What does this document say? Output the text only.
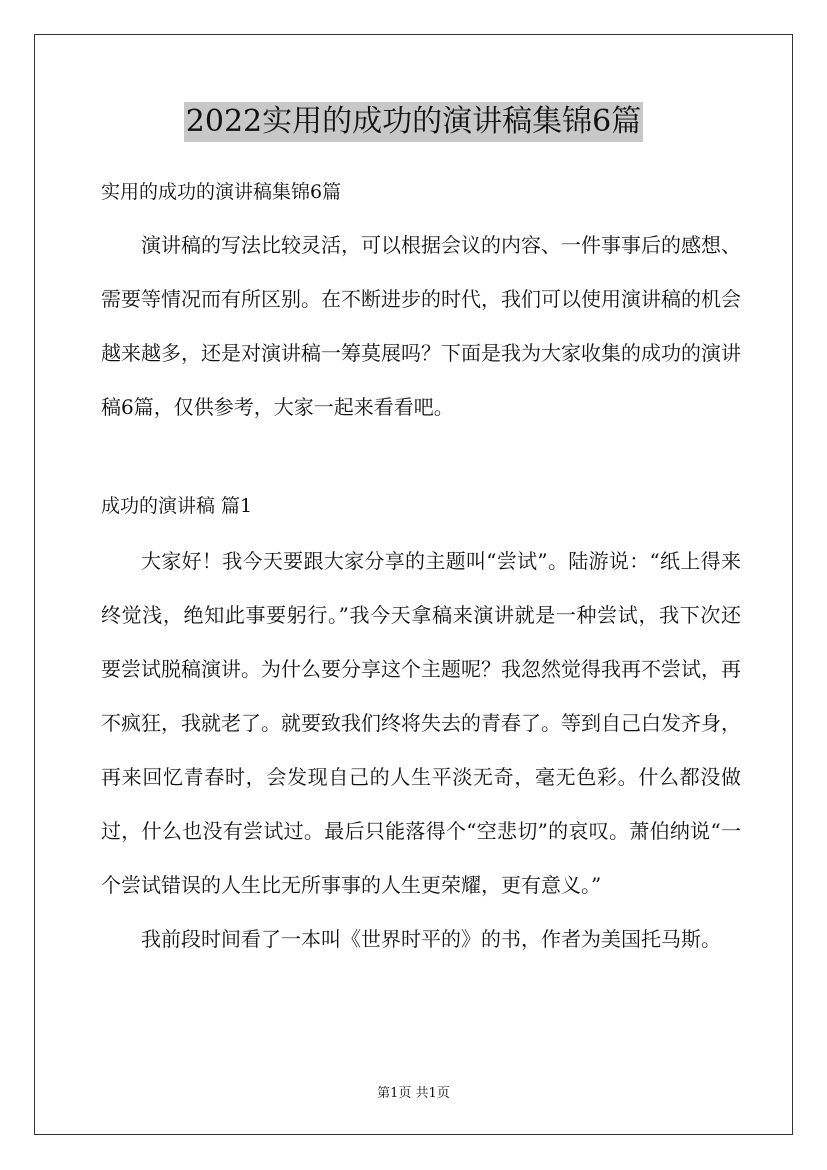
2022实用的成功的演讲稿集锦6篇

实用的成功的演讲稿集锦6篇

演讲稿的写法比较灵活，可以根据会议的内容、一件事事后的感想、需要等情况而有所区别。在不断进步的时代，我们可以使用演讲稿的机会越来越多，还是对演讲稿一筹莫展吗？下面是我为大家收集的成功的演讲稿6篇，仅供参考，大家一起来看看吧。

成功的演讲稿 篇1

大家好！我今天要跟大家分享的主题叫“尝试”。陆游说：“纸上得来终觉浅，绝知此事要躬行。”我今天拿稿来演讲就是一种尝试，我下次还要尝试脱稿演讲。为什么要分享这个主题呢？我忽然觉得我再不尝试，再不疯狂，我就老了。就要致我们终将失去的青春了。等到自己白发齐身，再来回忆青春时，会发现自己的人生平淡无奇，毫无色彩。什么都没做过，什么也没有尝试过。最后只能落得个“空悲切”的哀叹。萧伯纳说“一个尝试错误的人生比无所事事的人生更荣耀，更有意义。”

我前段时间看了一本叫《世界时平的》的书，作者为美国托马斯。

第1页 共1页
